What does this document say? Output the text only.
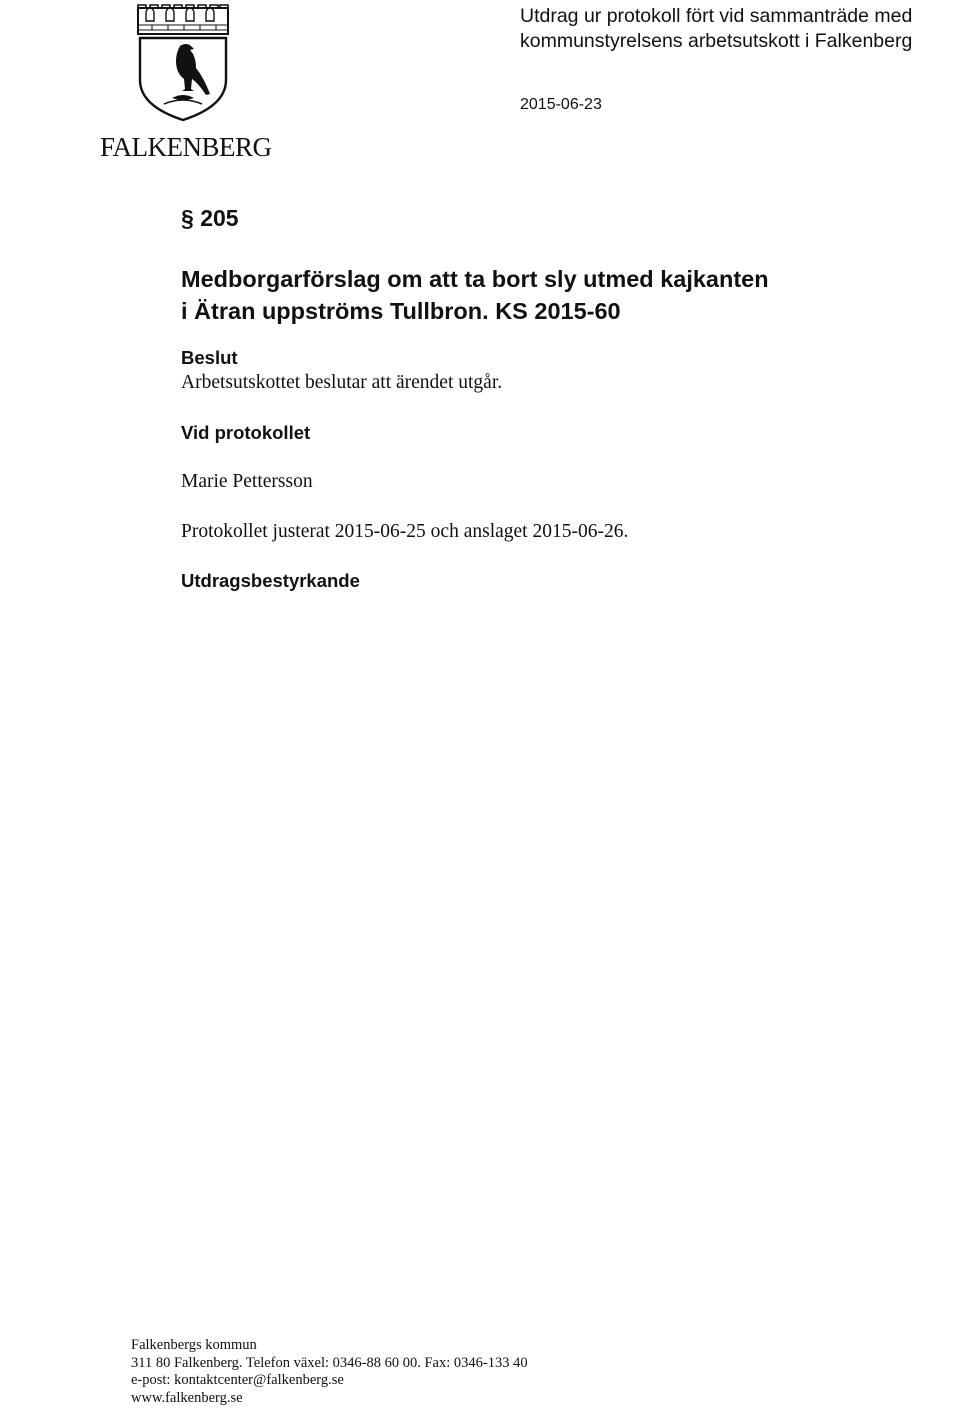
FALKENBERG
Utdrag ur protokoll fört vid sammanträde med
kommunstyrelsens arbetsutskott i Falkenberg
2015-06-23
§ 205
Medborgarförslag om att ta bort sly utmed kajkanten
i Ätran uppströms Tullbron. KS 2015-60
Beslut
Arbetsutskottet beslutar att ärendet utgår.
Vid protokollet
Marie Pettersson
Protokollet justerat 2015-06-25 och anslaget 2015-06-26.
Utdragsbestyrkande
Falkenbergs kommun
311 80 Falkenberg. Telefon växel: 0346-88 60 00. Fax: 0346-133 40
e-post: kontaktcenter@falkenberg.se
www.falkenberg.se
